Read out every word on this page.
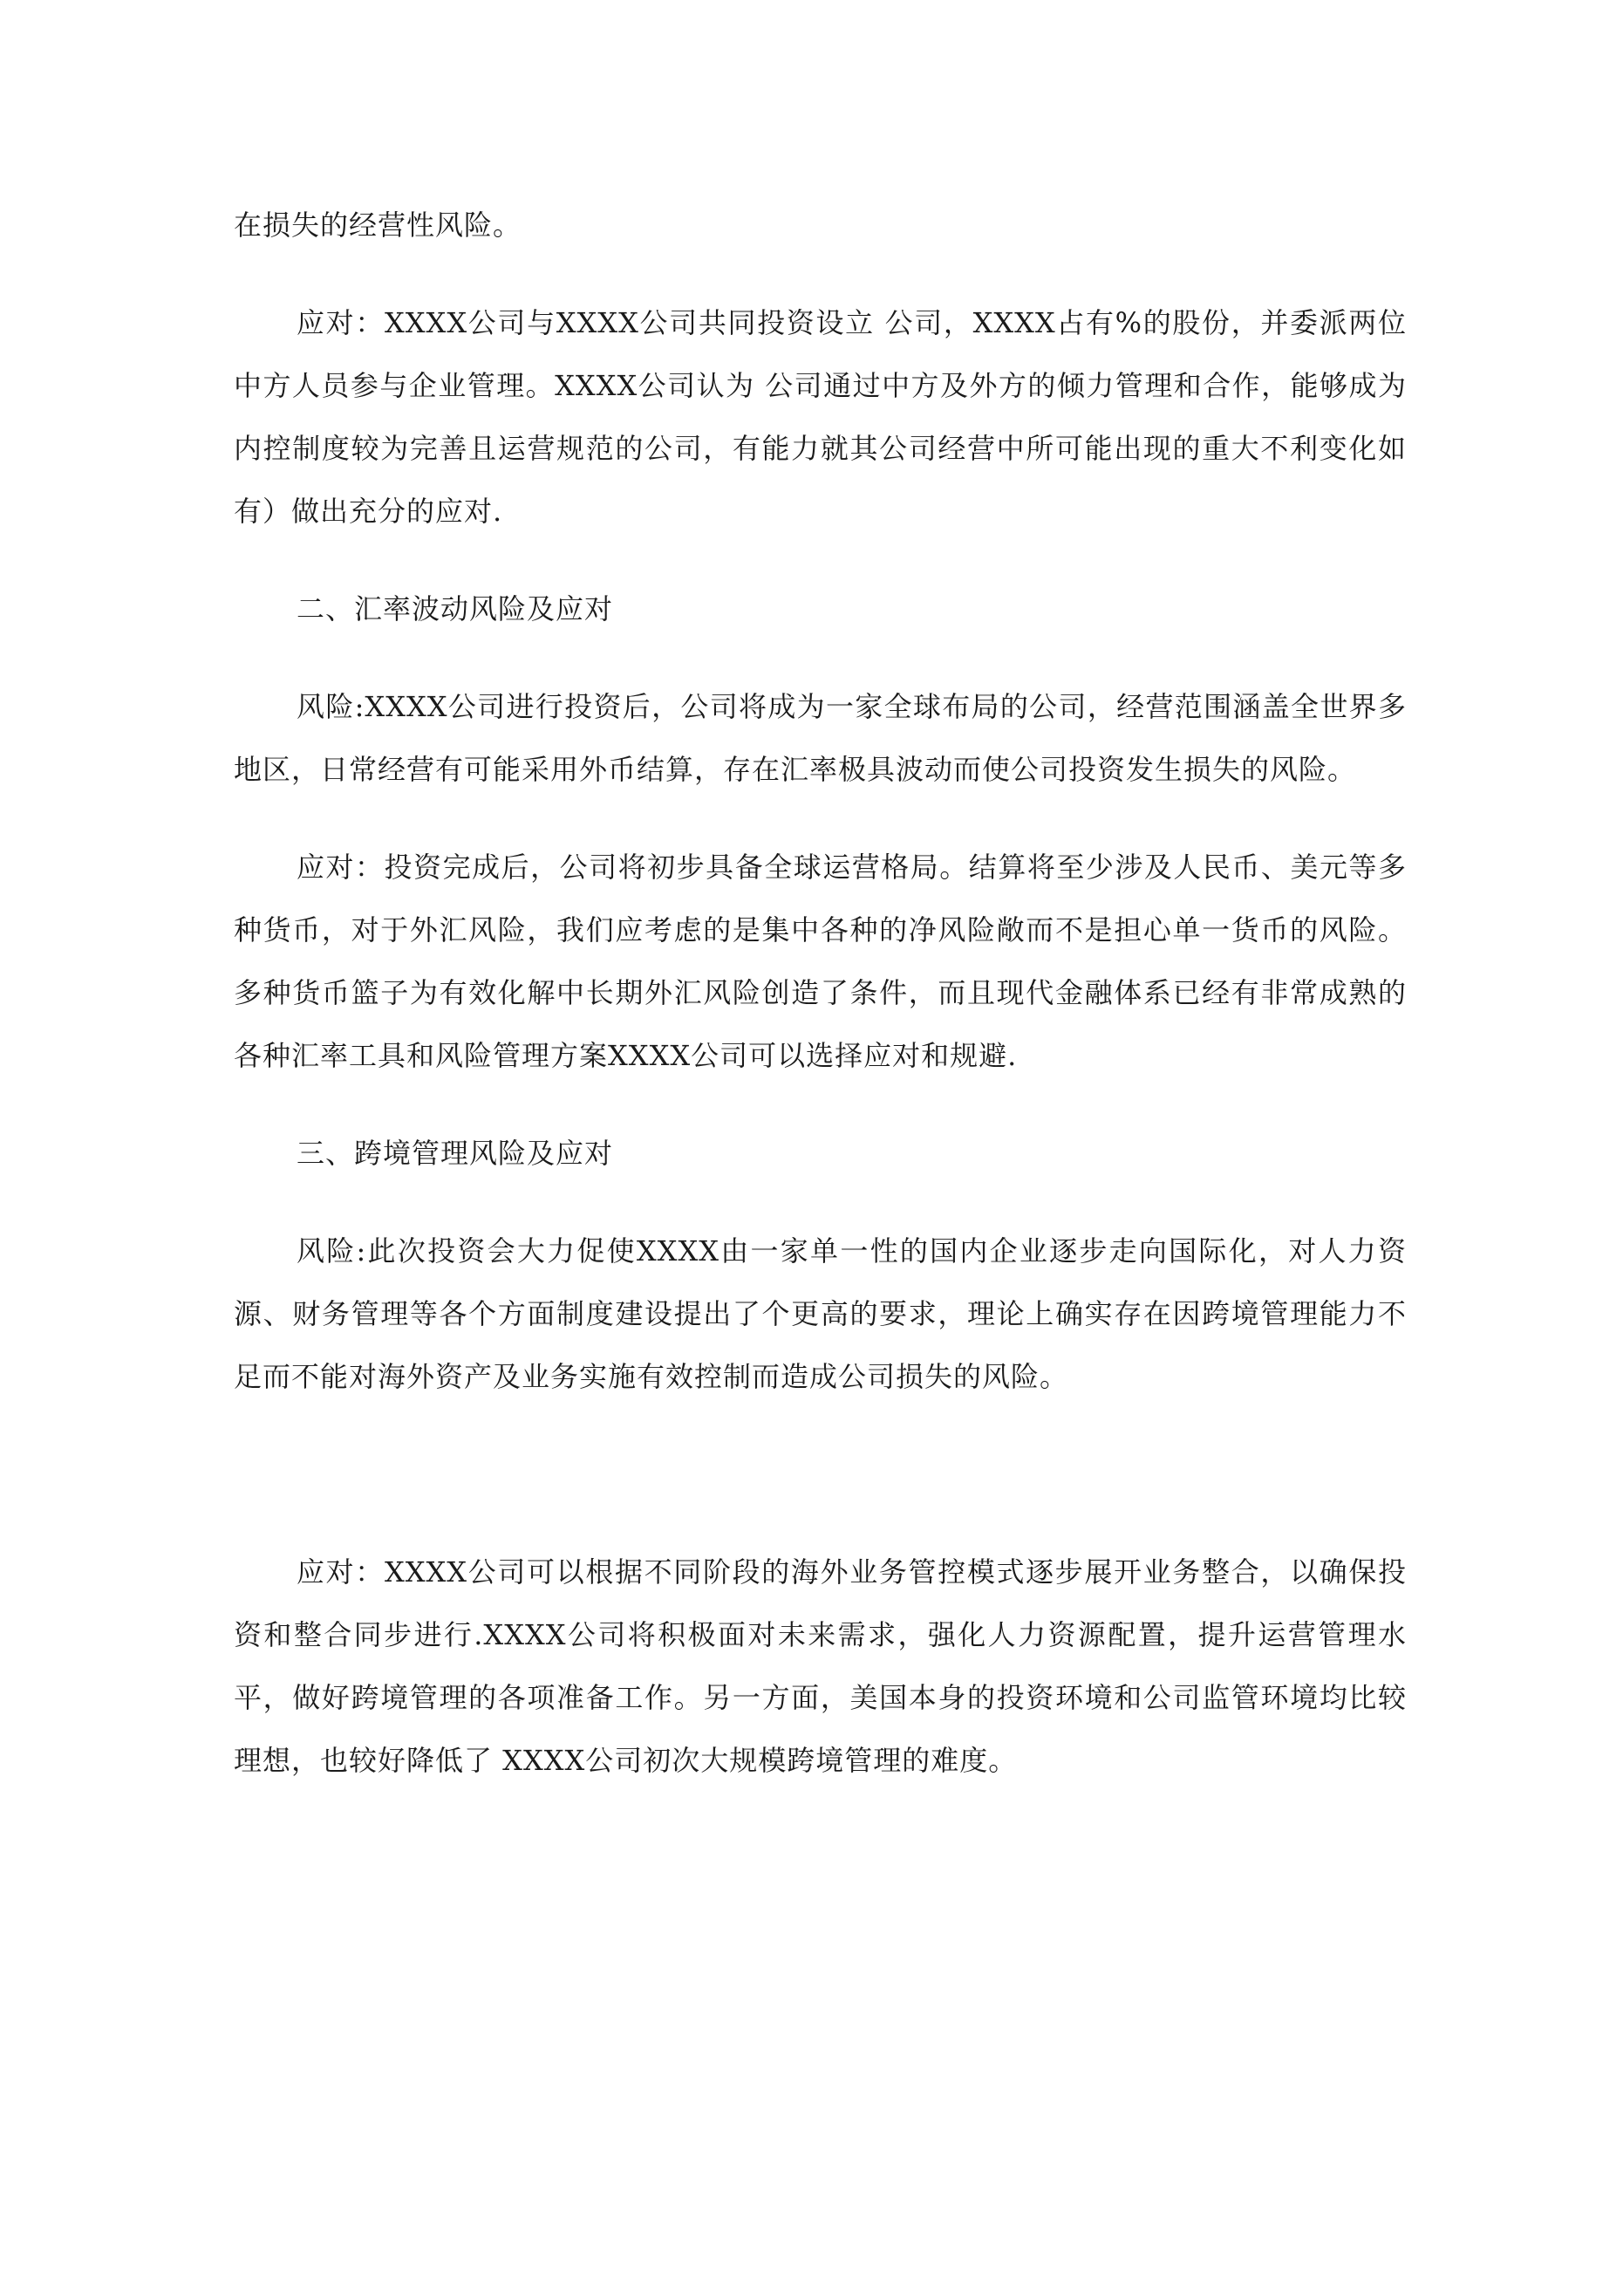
在损失的经营性风险。

应对：XXXX公司与XXXX公司共同投资设立 公司，XXXX占有%的股份，并委派两位中方人员参与企业管理。XXXX公司认为 公司通过中方及外方的倾力管理和合作，能够成为内控制度较为完善且运营规范的公司，有能力就其公司经营中所可能出现的重大不利变化如有）做出充分的应对.

二、汇率波动风险及应对

风险:XXXX公司进行投资后，公司将成为一家全球布局的公司，经营范围涵盖全世界多地区，日常经营有可能采用外币结算，存在汇率极具波动而使公司投资发生损失的风险。

应对：投资完成后，公司将初步具备全球运营格局。结算将至少涉及人民币、美元等多种货币，对于外汇风险，我们应考虑的是集中各种的净风险敞而不是担心单一货币的风险。多种货币篮子为有效化解中长期外汇风险创造了条件，而且现代金融体系已经有非常成熟的各种汇率工具和风险管理方案XXXX公司可以选择应对和规避.

三、跨境管理风险及应对

风险:此次投资会大力促使XXXX由一家单一性的国内企业逐步走向国际化，对人力资源、财务管理等各个方面制度建设提出了个更高的要求，理论上确实存在因跨境管理能力不足而不能对海外资产及业务实施有效控制而造成公司损失的风险。

应对：XXXX公司可以根据不同阶段的海外业务管控模式逐步展开业务整合，以确保投资和整合同步进行.XXXX公司将积极面对未来需求，强化人力资源配置，提升运营管理水平，做好跨境管理的各项准备工作。另一方面，美国本身的投资环境和公司监管环境均比较理想，也较好降低了 XXXX公司初次大规模跨境管理的难度。
